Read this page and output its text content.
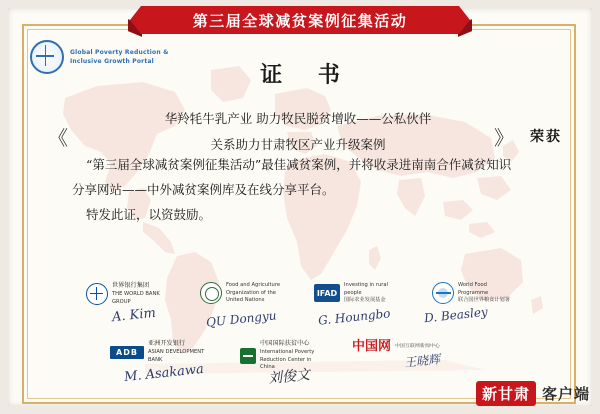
第三届全球减贫案例征集活动
Global Poverty Reduction &
Inclusive Growth Portal
证 书
华羚牦牛乳产业 助力牧民脱贫增收——公私伙伴
关系助力甘肃牧区产业升级案例
《	》 荣获

“第三届全球减贫案例征集活动”最佳减贫案例，并将收录进南南合作减贫知识

分享网站——中外减贫案例库及在线分享平台。

特发此证，以资鼓励。

世界银行集团
THE WORLD BANK GROUP
Food and Agriculture
Organization of the United Nations
IFAD
Investing in rural people
国际农业发展基金
World Food Programme
联合国世界粮食计划署
ADB
亚洲开发银行
ASIAN DEVELOPMENT BANK
中国国际扶贫中心
International Poverty Reduction Center in China
中国网 中国互联网新闻中心
A. Kim	QU Dongyu	G. Houngbo	D. Beasley
M. Asakawa	刘俊文
王晓辉
新甘肃 客户端
